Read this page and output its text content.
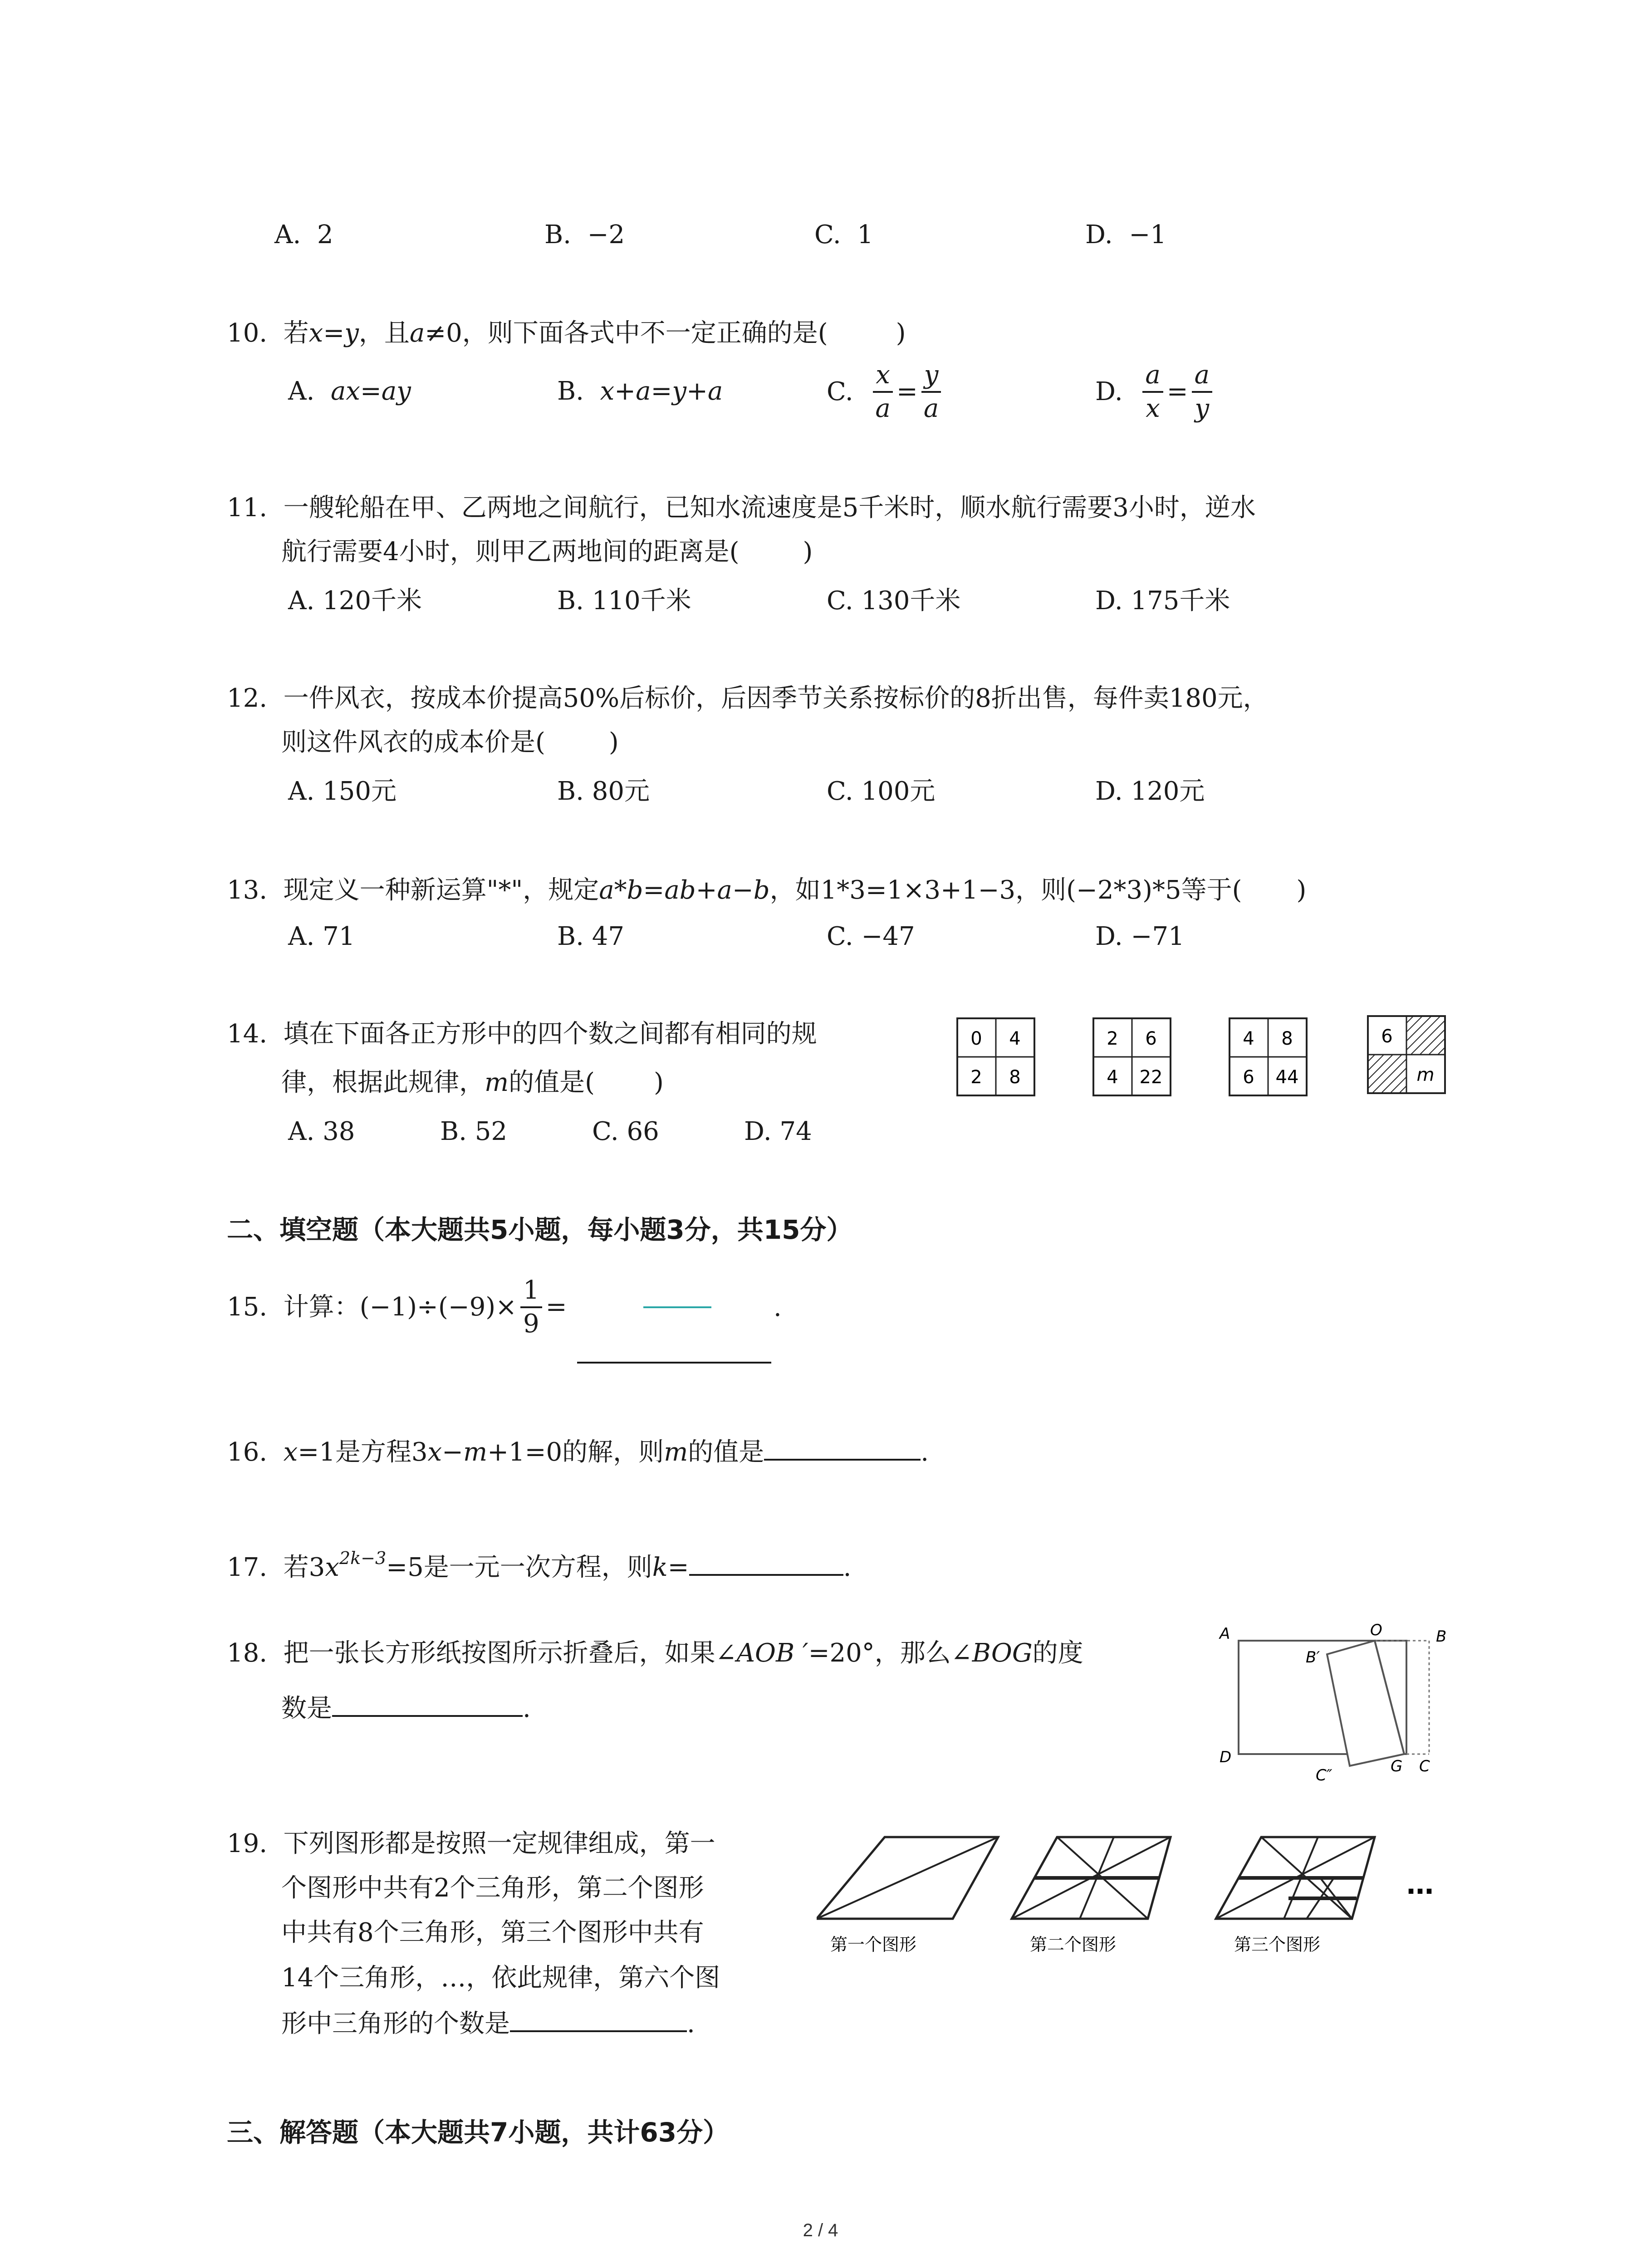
A. 2	B. −2	C. 1	D. −1
10. 若x=y，且a≠0，则下面各式中不一定正确的是(	)
A. ax=ay	B. x+a=y+a	C. $\frac{x}{a} = \frac{y}{a}$	D. $\frac{a}{x} = \frac{a}{y}$
11. 一艘轮船在甲、乙两地之间航行，已知水流速度是5千米时，顺水航行需要3小时，逆水
航行需要4小时，则甲乙两地间的距离是(	)
A. 120千米	B. 110千米	C. 130千米	D. 175千米
12. 一件风衣，按成本价提高50%后标价，后因季节关系按标价的8折出售，每件卖180元，
则这件风衣的成本价是(	)
A. 150元	B. 80元	C. 100元	D. 120元
13. 现定义一种新运算"*"，规定a*b=ab+a−b，如1*3=1×3+1−3，则(−2*3)*5等于( )
A. 71	B. 47	C. −47	D. −71
14. 填在下面各正方形中的四个数之间都有相同的规
律，根据此规律，m的值是( )
A. 38	B. 52	C. 66	D. 74
0 4
2 8
2 6
4 22
4 8
6 44
6
m
二、填空题（本大题共5小题，每小题3分，共15分）
15. 计算：$(-1)\div(-9)\times \frac{1}{9}$ =	.
16. x=1是方程3x−m+1=0的解，则m的值是	.
17. 若$3x^{2k-3}=5$是一元一次方程，则k=	.
18. 把一张长方形纸按图所示折叠后，如果∠AOB ′=20°，那么∠BOG的度
数是	.
A	O	B
B′
D
C″	G C
19. 下列图形都是按照一定规律组成，第一
个图形中共有2个三角形，第二个图形
中共有8个三角形，第三个图形中共有
14个三角形，…，依此规律，第六个图
形中三角形的个数是	.
第一个图形	第二个图形	第三个图形
…
三、解答题（本大题共7小题，共计63分）
2 / 4
